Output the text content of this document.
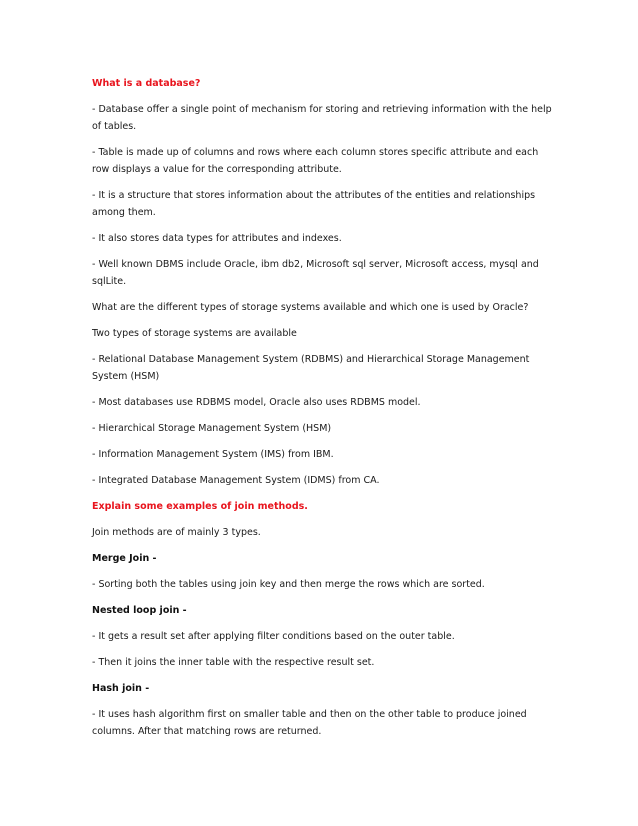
What is a database?

- Database offer a single point of mechanism for storing and retrieving information with the help of tables.

- Table is made up of columns and rows where each column stores specific attribute and each row displays a value for the corresponding attribute.

- It is a structure that stores information about the attributes of the entities and relationships among them.

- It also stores data types for attributes and indexes.

- Well known DBMS include Oracle, ibm db2, Microsoft sql server, Microsoft access, mysql and sqlLite.

What are the different types of storage systems available and which one is used by Oracle?

Two types of storage systems are available

- Relational Database Management System (RDBMS) and Hierarchical Storage Management System (HSM)

- Most databases use RDBMS model, Oracle also uses RDBMS model.

- Hierarchical Storage Management System (HSM)

- Information Management System (IMS) from IBM.

- Integrated Database Management System (IDMS) from CA.

Explain some examples of join methods.

Join methods are of mainly 3 types.

Merge Join -

- Sorting both the tables using join key and then merge the rows which are sorted.

Nested loop join -

- It gets a result set after applying filter conditions based on the outer table.

- Then it joins the inner table with the respective result set.

Hash join -

- It uses hash algorithm first on smaller table and then on the other table to produce joined columns. After that matching rows are returned.
